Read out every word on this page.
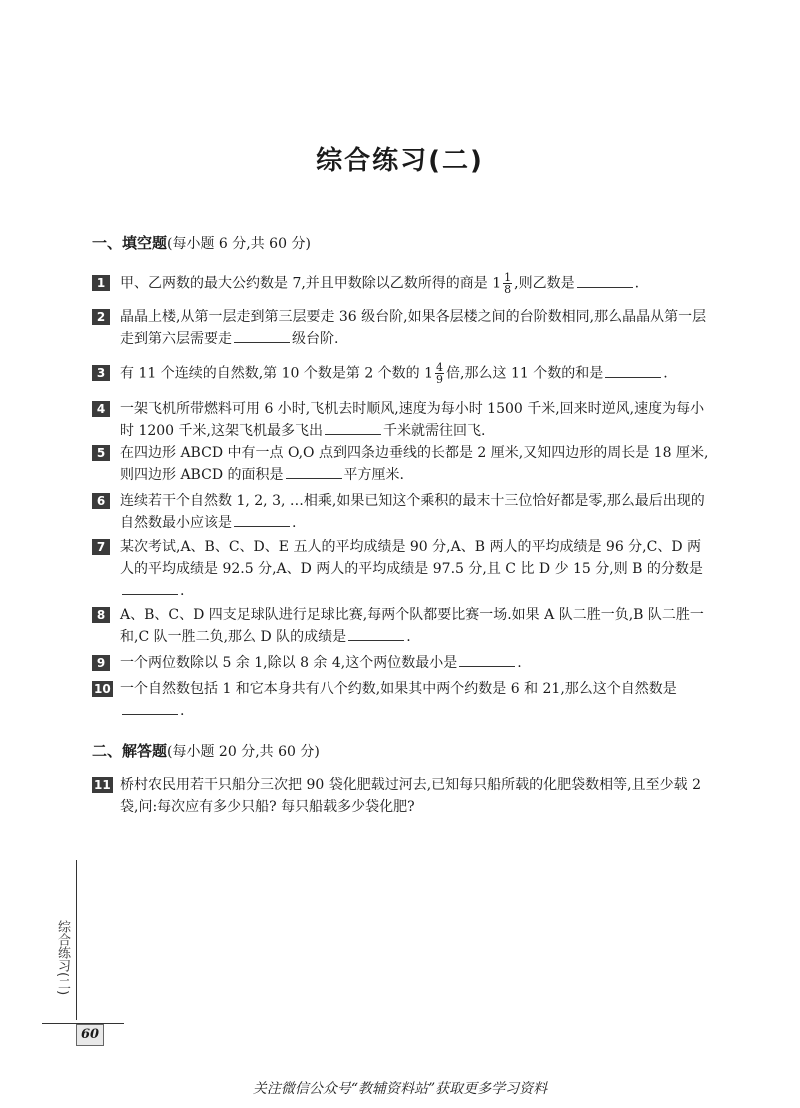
综合练习(二)
一、填空题(每小题 6 分,共 60 分)
1	甲、乙两数的最大公约数是 7,并且甲数除以乙数所得的商是 $1 \frac{1}{8}$ ,则乙数是	.
2	晶晶上楼,从第一层走到第三层要走 36 级台阶,如果各层楼之间的台阶数相同,那么晶晶从第一层走到第六层需要走	级台阶.
3	有 11 个连续的自然数,第 10 个数是第 2 个数的 $1 \frac{4}{9}$ 倍,那么这 11 个数的和是	.
4	一架飞机所带燃料可用 6 小时,飞机去时顺风,速度为每小时 1500 千米,回来时逆风,速度为每小时 1200 千米,这架飞机最多飞出	千米就需往回飞.
5	在四边形 ABCD 中有一点 O,O 点到四条边垂线的长都是 2 厘米,又知四边形的周长是 18 厘米,则四边形 ABCD 的面积是	平方厘米.
6	连续若干个自然数 1, 2, 3, …相乘,如果已知这个乘积的最末十三位恰好都是零,那么最后出现的自然数最小应该是	.
7	某次考试,A、B、C、D、E 五人的平均成绩是 90 分,A、B 两人的平均成绩是 96 分,C、D 两人的平均成绩是 92.5 分,A、D 两人的平均成绩是 97.5 分,且 C 比 D 少 15 分,则 B 的分数是.
8	A、B、C、D 四支足球队进行足球比赛,每两个队都要比赛一场.如果 A 队二胜一负,B 队二胜一和,C 队一胜二负,那么 D 队的成绩是	.
9	一个两位数除以 5 余 1,除以 8 余 4,这个两位数最小是	.
10 一个自然数包括 1 和它本身共有八个约数,如果其中两个约数是 6 和 21,那么这个自然数是.
二、解答题(每小题 20 分,共 60 分)
11 桥村农民用若干只船分三次把 90 袋化肥载过河去,已知每只船所载的化肥袋数相等,且至少载 2 袋,问:每次应有多少只船? 每只船载多少袋化肥?
综合练习(二)
60
关注微信公众号“教辅资料站”获取更多学习资料
